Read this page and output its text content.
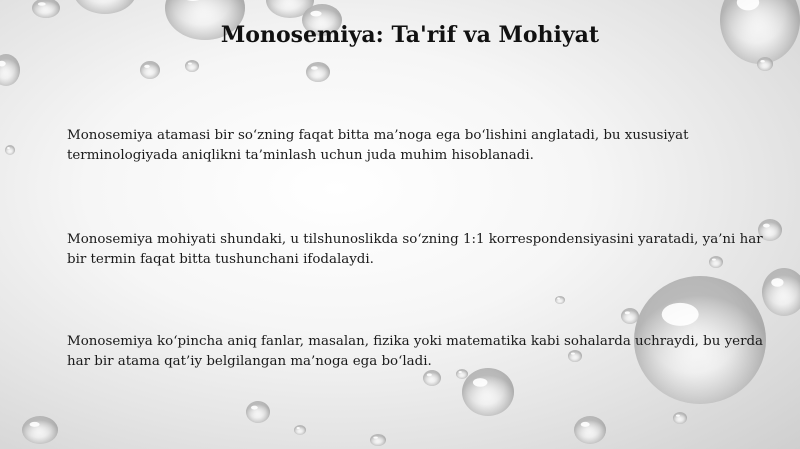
Monosemiya: Ta'rif va Mohiyat

Monosemiya atamasi bir so‘zning faqat bitta ma’noga ega bo‘lishini anglatadi, bu xususiyat terminologiyada aniqlikni ta’minlash uchun juda muhim hisoblanadi.

Monosemiya mohiyati shundaki, u tilshunoslikda so‘zning 1:1 korrespondensiyasini yaratadi, ya’ni har bir termin faqat bitta tushunchani ifodalaydi.

Monosemiya ko‘pincha aniq fanlar, masalan, fizika yoki matematika kabi sohalarda uchraydi, bu yerda har bir atama qat’iy belgilangan ma’noga ega bo‘ladi.
